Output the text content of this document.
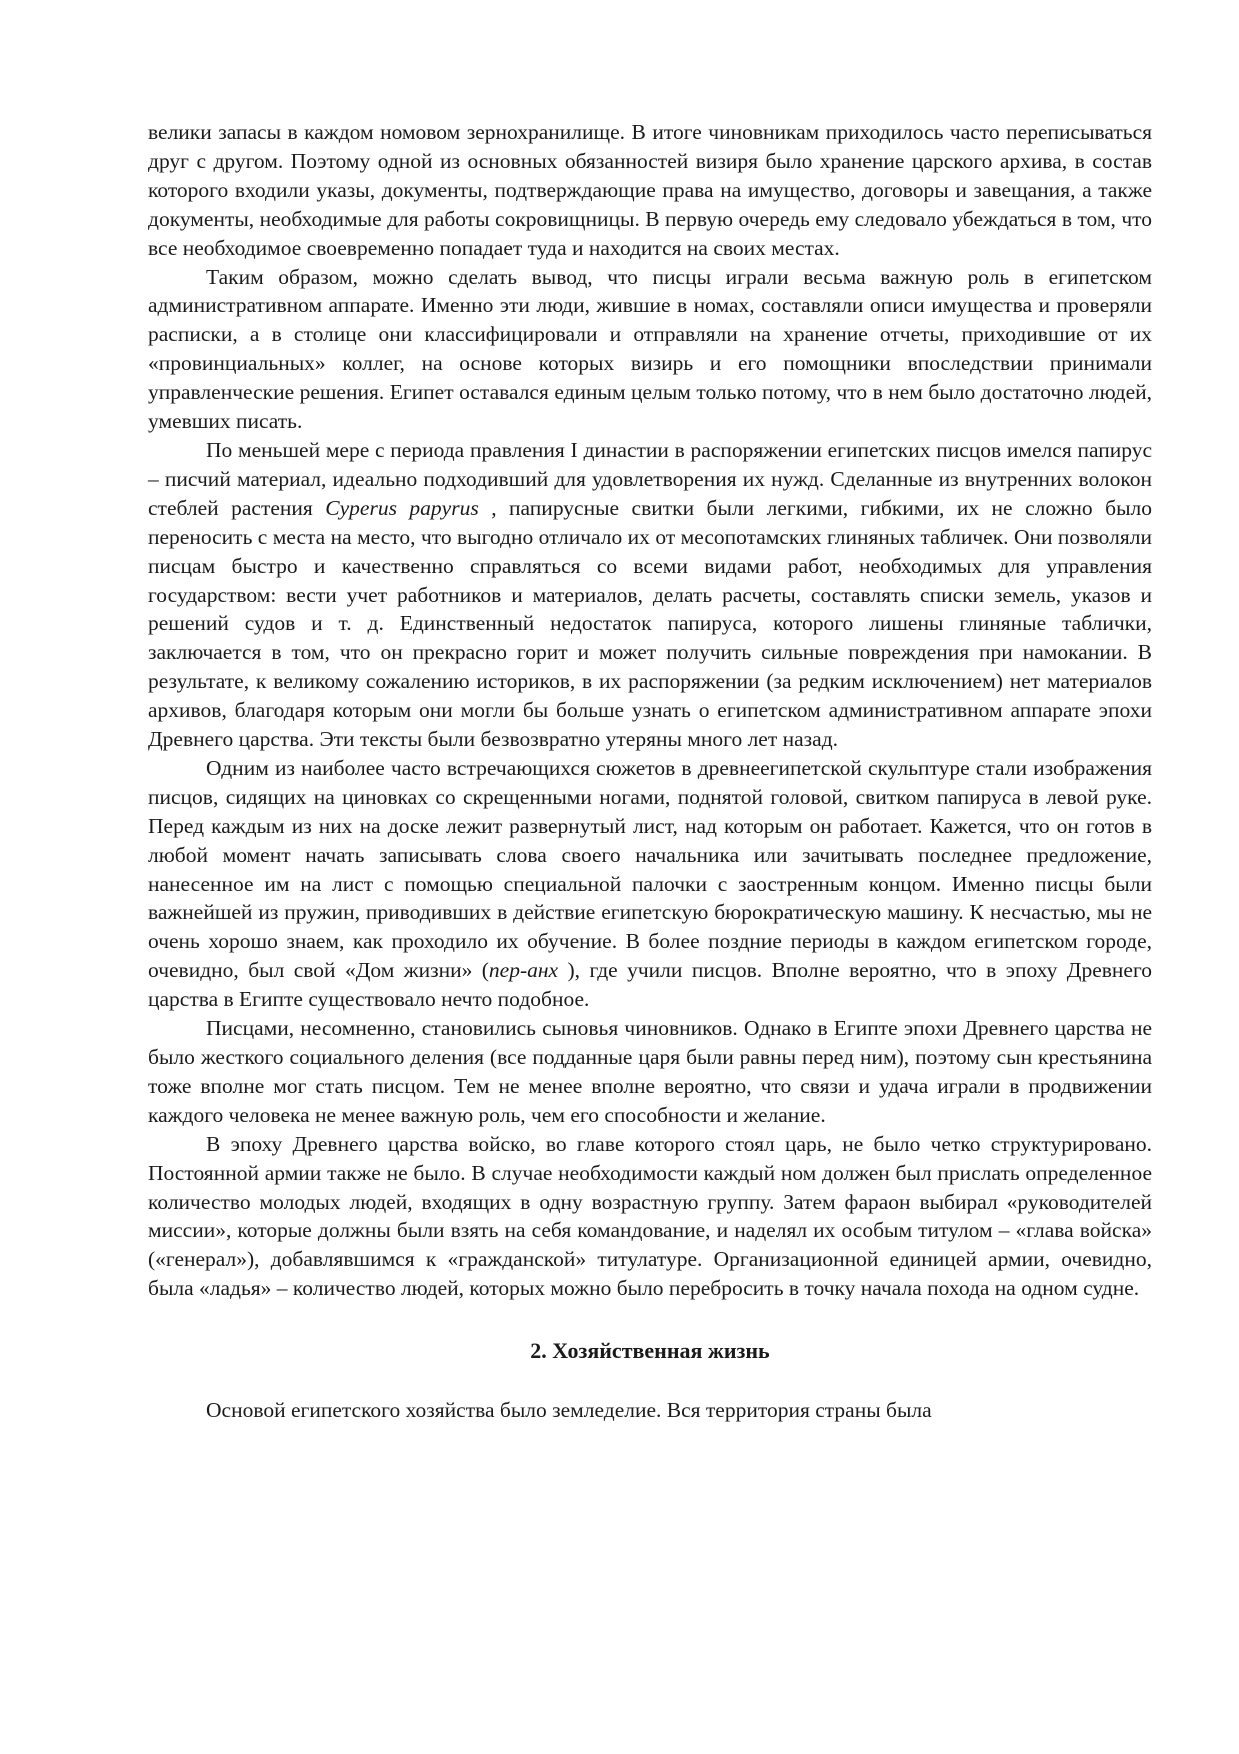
велики запасы в каждом номовом зернохранилище. В итоге чиновникам приходилось часто переписываться друг с другом. Поэтому одной из основных обязанностей визиря было хранение царского архива, в состав которого входили указы, документы, подтверждающие права на имущество, договоры и завещания, а также документы, необходимые для работы сокровищницы. В первую очередь ему следовало убеждаться в том, что все необходимое своевременно попадает туда и находится на своих местах.

Таким образом, можно сделать вывод, что писцы играли весьма важную роль в египетском административном аппарате. Именно эти люди, жившие в номах, составляли описи имущества и проверяли расписки, а в столице они классифицировали и отправляли на хранение отчеты, приходившие от их «провинциальных» коллег, на основе которых визирь и его помощники впоследствии принимали управленческие решения. Египет оставался единым целым только потому, что в нем было достаточно людей, умевших писать.

По меньшей мере с периода правления I династии в распоряжении египетских писцов имелся папирус – писчий материал, идеально подходивший для удовлетворения их нужд. Сделанные из внутренних волокон стеблей растения Cyperus papyrus , папирусные свитки были легкими, гибкими, их не сложно было переносить с места на место, что выгодно отличало их от месопотамских глиняных табличек. Они позволяли писцам быстро и качественно справляться со всеми видами работ, необходимых для управления государством: вести учет работников и материалов, делать расчеты, составлять списки земель, указов и решений судов и т. д. Единственный недостаток папируса, которого лишены глиняные таблички, заключается в том, что он прекрасно горит и может получить сильные повреждения при намокании. В результате, к великому сожалению историков, в их распоряжении (за редким исключением) нет материалов архивов, благодаря которым они могли бы больше узнать о египетском административном аппарате эпохи Древнего царства. Эти тексты были безвозвратно утеряны много лет назад.

Одним из наиболее часто встречающихся сюжетов в древнеегипетской скульптуре стали изображения писцов, сидящих на циновках со скрещенными ногами, поднятой головой, свитком папируса в левой руке. Перед каждым из них на доске лежит развернутый лист, над которым он работает. Кажется, что он готов в любой момент начать записывать слова своего начальника или зачитывать последнее предложение, нанесенное им на лист с помощью специальной палочки с заостренным концом. Именно писцы были важнейшей из пружин, приводивших в действие египетскую бюрократическую машину. К несчастью, мы не очень хорошо знаем, как проходило их обучение. В более поздние периоды в каждом египетском городе, очевидно, был свой «Дом жизни» (пер-анх ), где учили писцов. Вполне вероятно, что в эпоху Древнего царства в Египте существовало нечто подобное.

Писцами, несомненно, становились сыновья чиновников. Однако в Египте эпохи Древнего царства не было жесткого социального деления (все подданные царя были равны перед ним), поэтому сын крестьянина тоже вполне мог стать писцом. Тем не менее вполне вероятно, что связи и удача играли в продвижении каждого человека не менее важную роль, чем его способности и желание.

В эпоху Древнего царства войско, во главе которого стоял царь, не было четко структурировано. Постоянной армии также не было. В случае необходимости каждый ном должен был прислать определенное количество молодых людей, входящих в одну возрастную группу. Затем фараон выбирал «руководителей миссии», которые должны были взять на себя командование, и наделял их особым титулом – «глава войска» («генерал»), добавлявшимся к «гражданской» титулатуре. Организационной единицей армии, очевидно, была «ладья» – количество людей, которых можно было перебросить в точку начала похода на одном судне.

2. Хозяйственная жизнь

Основой египетского хозяйства было земледелие. Вся территория страны была
